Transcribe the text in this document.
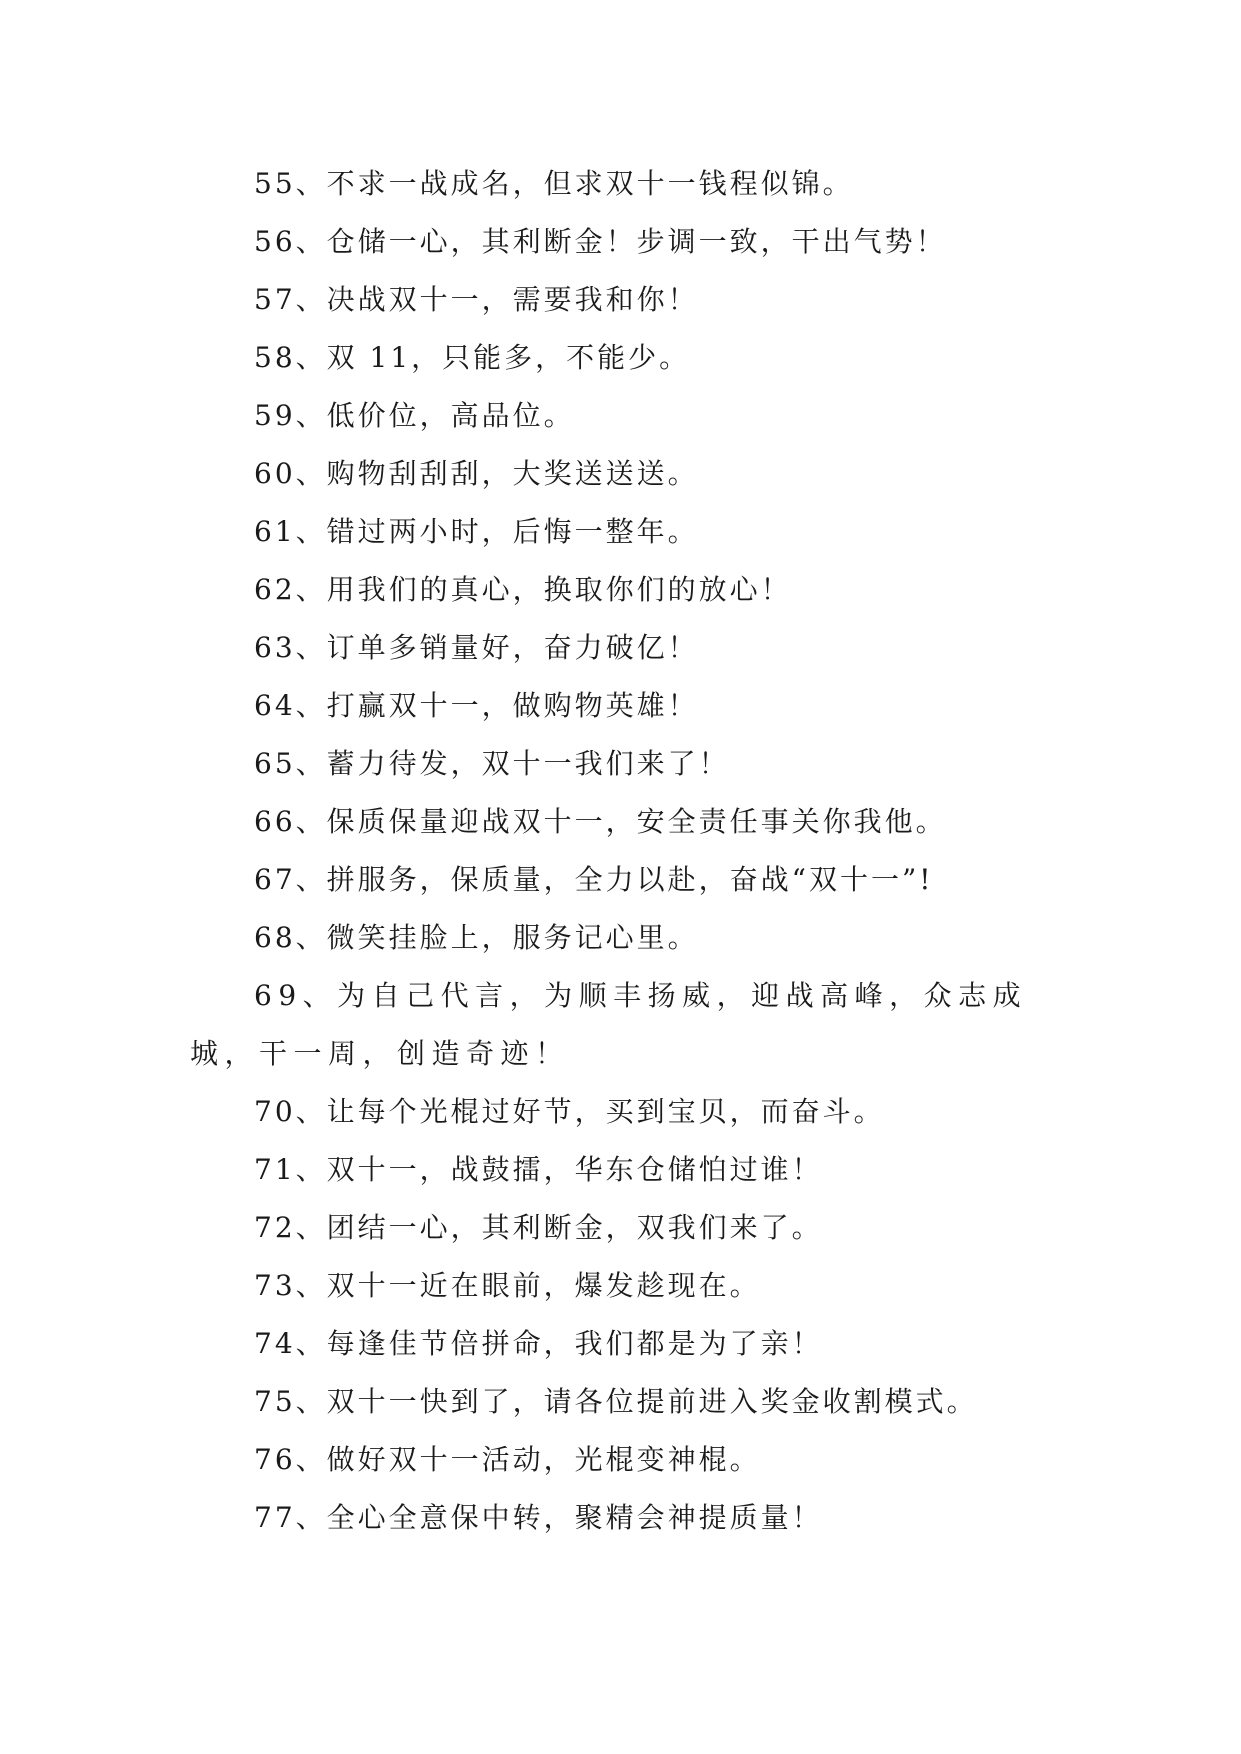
55、不求一战成名，但求双十一钱程似锦。
56、仓储一心，其利断金！步调一致，干出气势！
57、决战双十一，需要我和你！
58、双 11，只能多，不能少。
59、低价位，高品位。
60、购物刮刮刮，大奖送送送。
61、错过两小时，后悔一整年。
62、用我们的真心，换取你们的放心！
63、订单多销量好，奋力破亿！
64、打赢双十一，做购物英雄！
65、蓄力待发，双十一我们来了！
66、保质保量迎战双十一，安全责任事关你我他。
67、拼服务，保质量，全力以赴，奋战“双十一”!
68、微笑挂脸上，服务记心里。
69、为自己代言，为顺丰扬威，迎战高峰，众志成城，干一周，创造奇迹！
70、让每个光棍过好节，买到宝贝，而奋斗。
71、双十一，战鼓擂，华东仓储怕过谁！
72、团结一心，其利断金，双我们来了。
73、双十一近在眼前，爆发趁现在。
74、每逢佳节倍拼命，我们都是为了亲！
75、双十一快到了，请各位提前进入奖金收割模式。
76、做好双十一活动，光棍变神棍。
77、全心全意保中转，聚精会神提质量！
